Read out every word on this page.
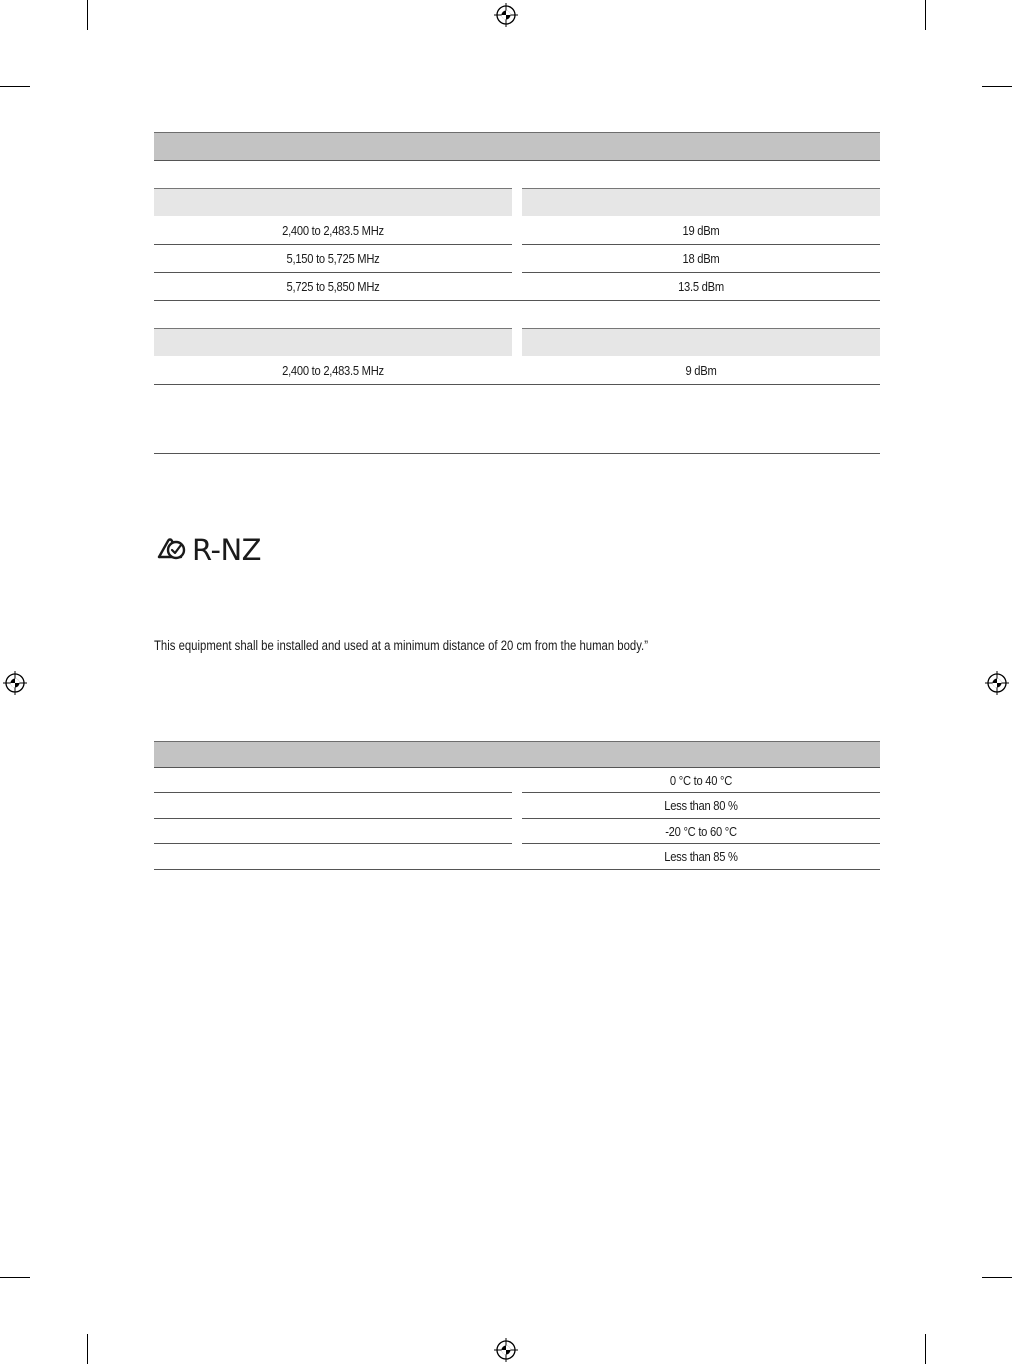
2,400 to 2,483.5 MHz	19 dBm
5,150 to 5,725 MHz	18 dBm
5,725 to 5,850 MHz	13.5 dBm
2,400 to 2,483.5 MHz	9 dBm
R-NZ
This equipment shall be installed and used at a minimum distance of 20 cm from the human body.”
0 °C to 40 °C
Less than 80 %
-20 °C to 60 °C
Less than 85 %
